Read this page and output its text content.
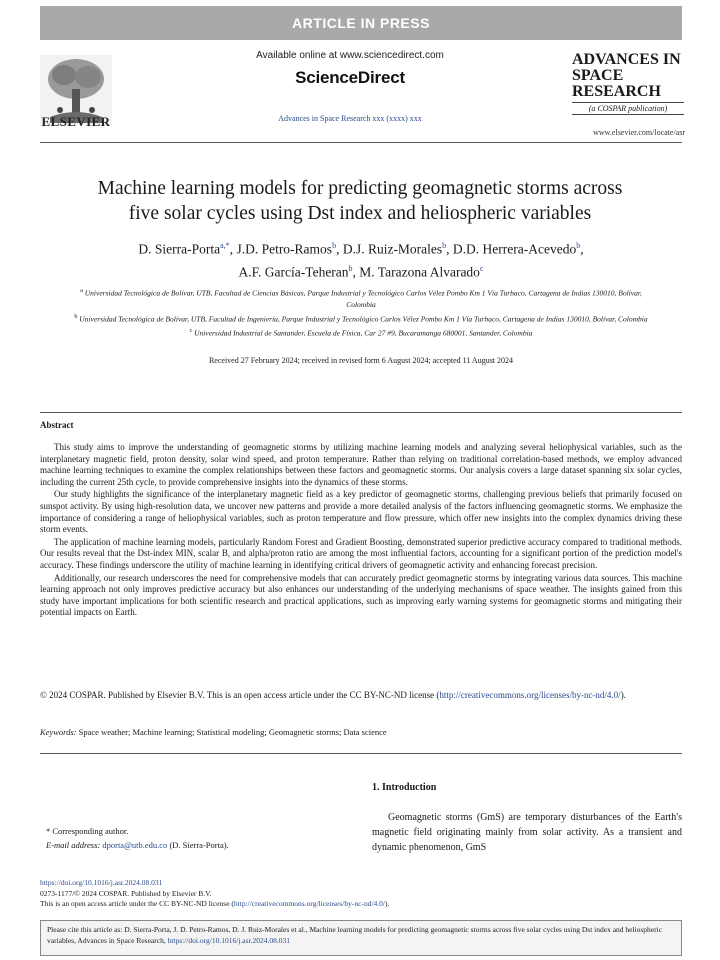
ARTICLE IN PRESS
ELSEVIER
Available online at www.sciencedirect.com
ScienceDirect
Advances in Space Research xxx (xxxx) xxx
ADVANCES IN
SPACE
RESEARCH
(a COSPAR publication)
www.elsevier.com/locate/asr
Machine learning models for predicting geomagnetic storms across
five solar cycles using Dst index and heliospheric variables
D. Sierra-Porta$^{a,*}$, J.D. Petro-Ramos$^b$, D.J. Ruiz-Morales$^b$, D.D. Herrera-Acevedo$^b$,
A.F. García-Teheran$^b$, M. Tarazona Alvarado$^c$
$^a$ Universidad Tecnológica de Bolívar, UTB, Facultad de Ciencias Básicas, Parque Industrial y Tecnológico Carlos Vélez Pombo Km 1 Vía Turbaco, Cartagena de Indias 130010, Bolívar, Colombia
$^b$ Universidad Tecnológica de Bolívar, UTB, Facultad de Ingeniería, Parque Industrial y Tecnológico Carlos Vélez Pombo Km 1 Vía Turbaco, Cartagena de Indias 130010, Bolívar, Colombia
$^c$ Universidad Industrial de Santander, Escuela de Física, Car 27 #9, Bucaramanga 680001, Santander, Colombia
Received 27 February 2024; received in revised form 6 August 2024; accepted 11 August 2024
Abstract

This study aims to improve the understanding of geomagnetic storms by utilizing machine learning models and analyzing several heliophysical variables, such as the interplanetary magnetic field, proton density, solar wind speed, and proton temperature. Rather than relying on traditional correlation-based methods, we employ advanced machine learning techniques to examine the complex relationships between these factors and geomagnetic storms. Our analysis covers a large dataset spanning six solar cycles, including the current 25th cycle, to provide comprehensive insights into the dynamics of these storms.

Our study highlights the significance of the interplanetary magnetic field as a key predictor of geomagnetic storms, challenging previous beliefs that primarily focused on sunspot activity. By using high-resolution data, we uncover new patterns and provide a more detailed analysis of the factors influencing geomagnetic storms. We emphasize the importance of considering a range of heliophysical variables, such as proton temperature and flow pressure, which offer new insights into the complex dynamics driving these storm events.

The application of machine learning models, particularly Random Forest and Gradient Boosting, demonstrated superior predictive accuracy compared to traditional methods. Our results reveal that the Dst-index MIN, scalar B, and alpha/proton ratio are among the most influential factors, accounting for a significant portion of the prediction model's accuracy. These findings underscore the utility of machine learning in identifying critical drivers of geomagnetic activity and enhancing forecast precision.

Additionally, our research underscores the need for comprehensive models that can accurately predict geomagnetic storms by integrating various data sources. This machine learning approach not only improves predictive accuracy but also enhances our understanding of the underlying mechanisms of space weather. The insights gained from this study have important implications for both scientific research and practical applications, such as improving early warning systems for geomagnetic storms and mitigating their potential impacts on Earth.

© 2024 COSPAR. Published by Elsevier B.V. This is an open access article under the CC BY-NC-ND license (http://creativecommons.org/licenses/by-nc-nd/4.0/).
Keywords: Space weather; Machine learning; Statistical modeling; Geomagnetic storms; Data science
1. Introduction
Geomagnetic storms (GmS) are temporary disturbances of the Earth's magnetic field originating mainly from solar activity. As a transient and dynamic phenomenon, GmS
* Corresponding author.
E-mail address: dporta@utb.edu.co (D. Sierra-Porta).
https://doi.org/10.1016/j.asr.2024.08.031
0273-1177/© 2024 COSPAR. Published by Elsevier B.V.
This is an open access article under the CC BY-NC-ND license (http://creativecommons.org/licenses/by-nc-nd/4.0/).
Please cite this article as: D. Sierra-Porta, J. D. Petro-Ramos, D. J. Ruiz-Morales et al., Machine learning models for predicting geomagnetic storms across five solar cycles using Dst index and heliospheric variables, Advances in Space Research, https://doi.org/10.1016/j.asr.2024.08.031
